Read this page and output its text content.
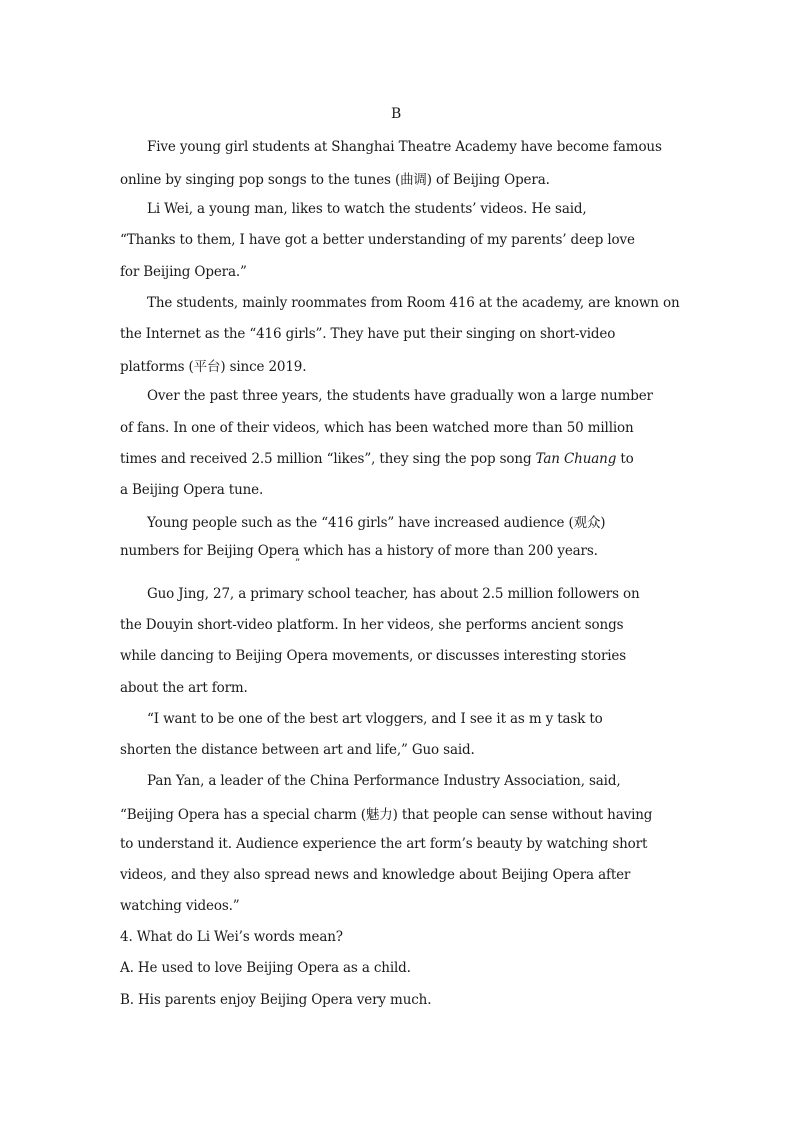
B
Five young girl students at Shanghai Theatre Academy have become famous
online by singing pop songs to the tunes (曲调) of Beijing Opera.
Li Wei, a young man, likes to watch the students’ videos. He said,
“Thanks to them, I have got a better understanding of my parents’ deep love
for Beijing Opera.”
The students, mainly roommates from Room 416 at the academy, are known on
the Internet as the “416 girls”. They have put their singing on short-video
platforms (平台) since 2019.
Over the past three years, the students have gradually won a large number
of fans. In one of their videos, which has been watched more than 50 million
times and received 2.5 million “likes”, they sing the pop song Tan Chuang to
a Beijing Opera tune.
Young people such as the “416 girls” have increased audience (观众)
numbers for Beijing Opera which has a history of more than 200 years.
”
Guo Jing, 27, a primary school teacher, has about 2.5 million followers on
the Douyin short-video platform. In her videos, she performs ancient songs
while dancing to Beijing Opera movements, or discusses interesting stories
about the art form.
“I want to be one of the best art vloggers, and I see it as m y task to
shorten the distance between art and life,” Guo said.
Pan Yan, a leader of the China Performance Industry Association, said,
“Beijing Opera has a special charm (魅力) that people can sense without having
to understand it. Audience experience the art form’s beauty by watching short
videos, and they also spread news and knowledge about Beijing Opera after
watching videos.”
4. What do Li Wei’s words mean?
A. He used to love Beijing Opera as a child.
B. His parents enjoy Beijing Opera very much.
